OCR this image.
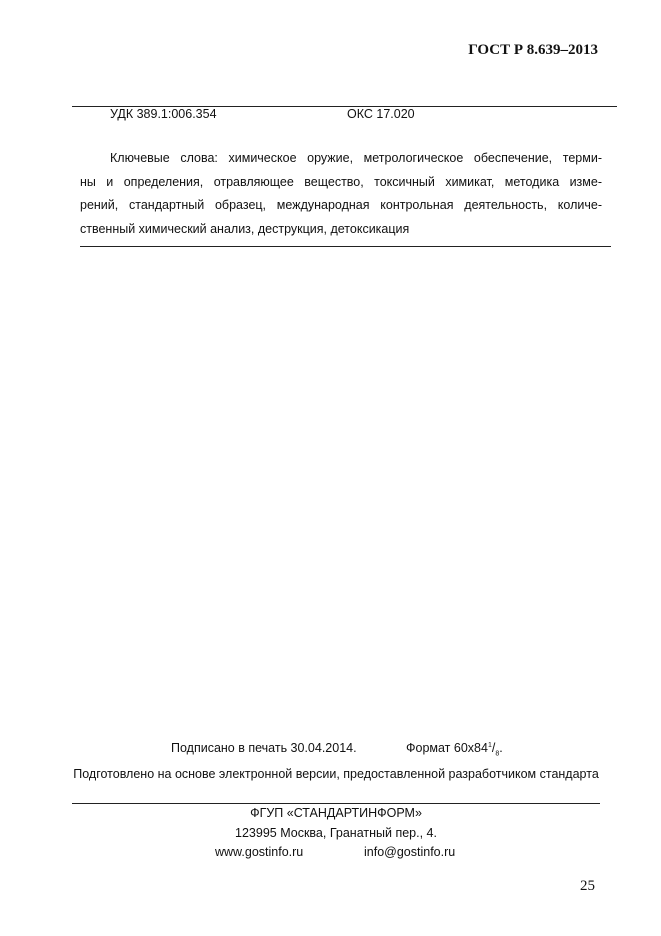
ГОСТ Р 8.639–2013
УДК 389.1:006.354	ОКС 17.020
Ключевые слова: химическое оружие, метрологическое обеспечение, терми-
ны и определения, отравляющее вещество, токсичный химикат, методика изме-
рений, стандартный образец, международная контрольная деятельность, количе-
ственный химический анализ, деструкция, детоксикация
Подписано в печать 30.04.2014.	Формат $60x84^1/_8$.
Подготовлено на основе электронной версии, предоставленной разработчиком стандарта
ФГУП «СТАНДАРТИНФОРМ»
123995 Москва, Гранатный пер., 4.
www.gostinfo.ru	info@gostinfo.ru
25
